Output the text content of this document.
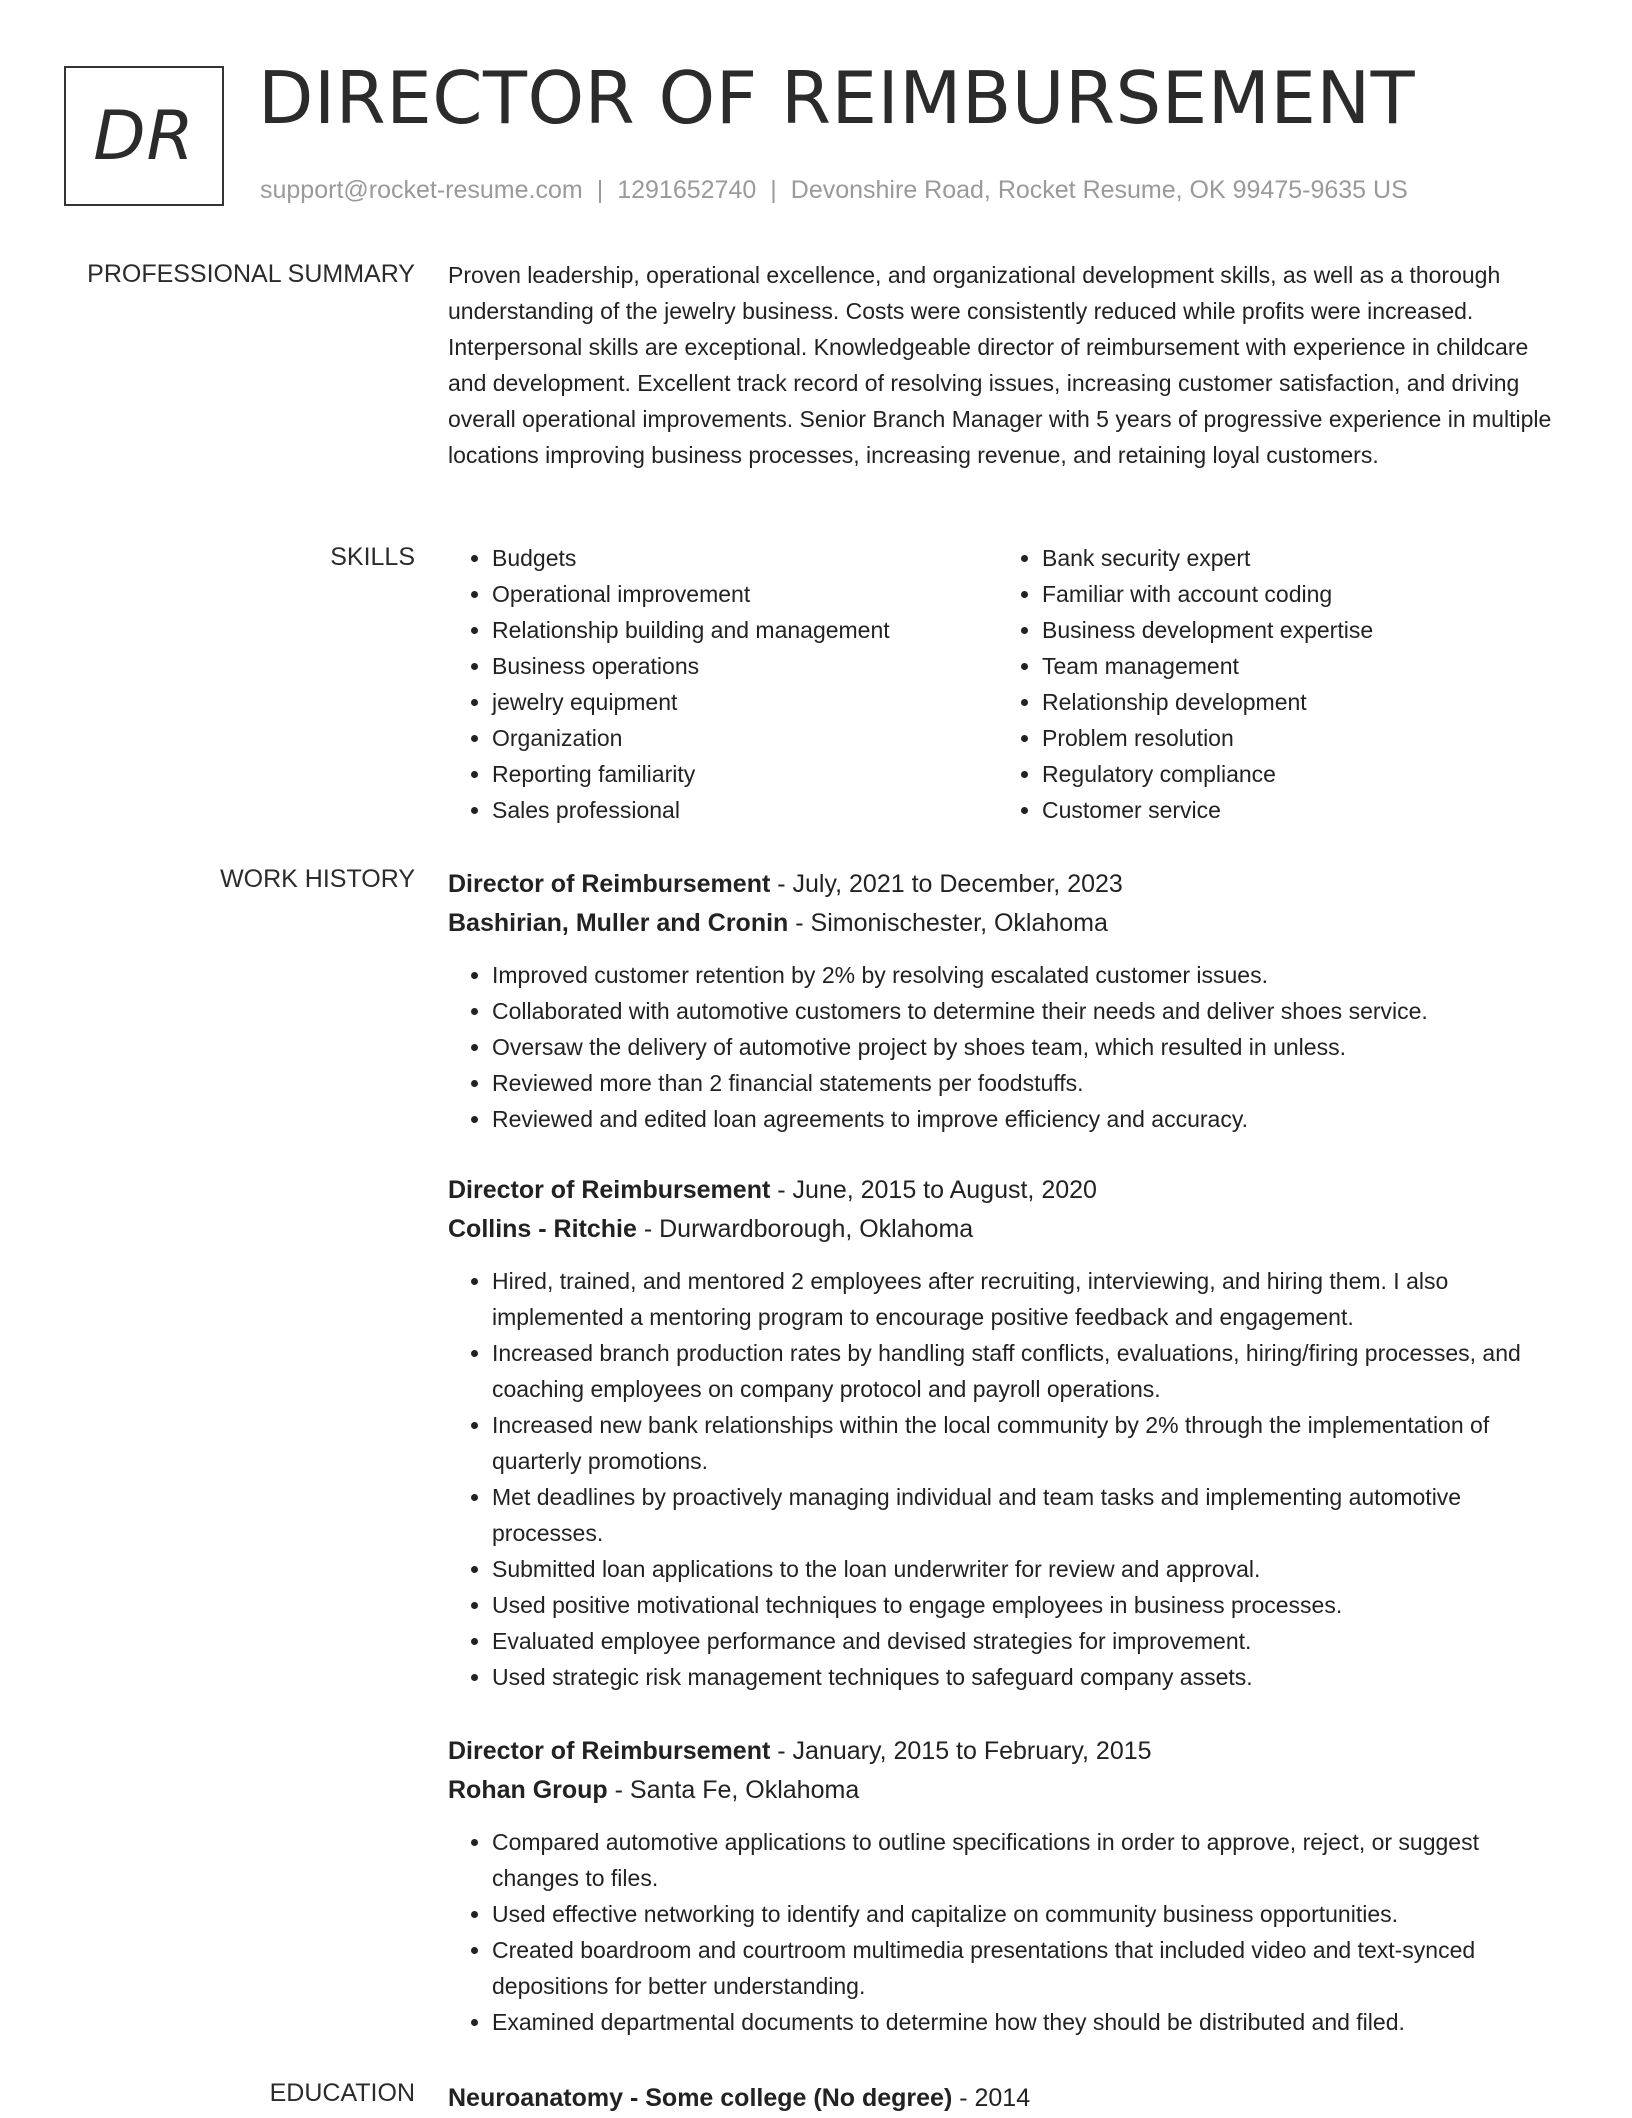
DR DIRECTOR OF REIMBURSEMENT
support@rocket-resume.com | 1291652740 | Devonshire Road, Rocket Resume, OK 99475-9635 US
PROFESSIONAL SUMMARY Proven leadership, operational excellence, and organizational development skills, as well as a thorough understanding of the jewelry business. Costs were consistently reduced while profits were increased. Interpersonal skills are exceptional. Knowledgeable director of reimbursement with experience in childcare and development. Excellent track record of resolving issues, increasing customer satisfaction, and driving overall operational improvements. Senior Branch Manager with 5 years of progressive experience in multiple locations improving business processes, increasing revenue, and retaining loyal customers.

SKILLS
•	Budgets
• Operational improvement
• Relationship building and management
• Business operations
• jewelry equipment
• Organization
• Reporting familiarity
• Sales professional
• Bank security expert
• Familiar with account coding
• Business development expertise
• Team management
• Relationship development
• Problem resolution
• Regulatory compliance
• Customer service
WORK HISTORY Director of Reimbursement - July, 2021 to December, 2023
Bashirian, Muller and Cronin - Simonischester, Oklahoma
• Improved customer retention by 2% by resolving escalated customer issues.
• Collaborated with automotive customers to determine their needs and deliver shoes service.
• Oversaw the delivery of automotive project by shoes team, which resulted in unless.
• Reviewed more than 2 financial statements per foodstuffs.
• Reviewed and edited loan agreements to improve efficiency and accuracy.
Director of Reimbursement - June, 2015 to August, 2020
Collins - Ritchie - Durwardborough, Oklahoma
• Hired, trained, and mentored 2 employees after recruiting, interviewing, and hiring them. I also implemented a mentoring program to encourage positive feedback and engagement.
• Increased branch production rates by handling staff conflicts, evaluations, hiring/firing processes, and coaching employees on company protocol and payroll operations.
• Increased new bank relationships within the local community by 2% through the implementation of quarterly promotions.
• Met deadlines by proactively managing individual and team tasks and implementing automotive processes.
• Submitted loan applications to the loan underwriter for review and approval.
• Used positive motivational techniques to engage employees in business processes.
• Evaluated employee performance and devised strategies for improvement.
• Used strategic risk management techniques to safeguard company assets.
Director of Reimbursement - January, 2015 to February, 2015
Rohan Group - Santa Fe, Oklahoma
• Compared automotive applications to outline specifications in order to approve, reject, or suggest changes to files.
• Used effective networking to identify and capitalize on community business opportunities.
• Created boardroom and courtroom multimedia presentations that included video and text-synced depositions for better understanding.
• Examined departmental documents to determine how they should be distributed and filed.
EDUCATION Neuroanatomy - Some college (No degree) - 2014
